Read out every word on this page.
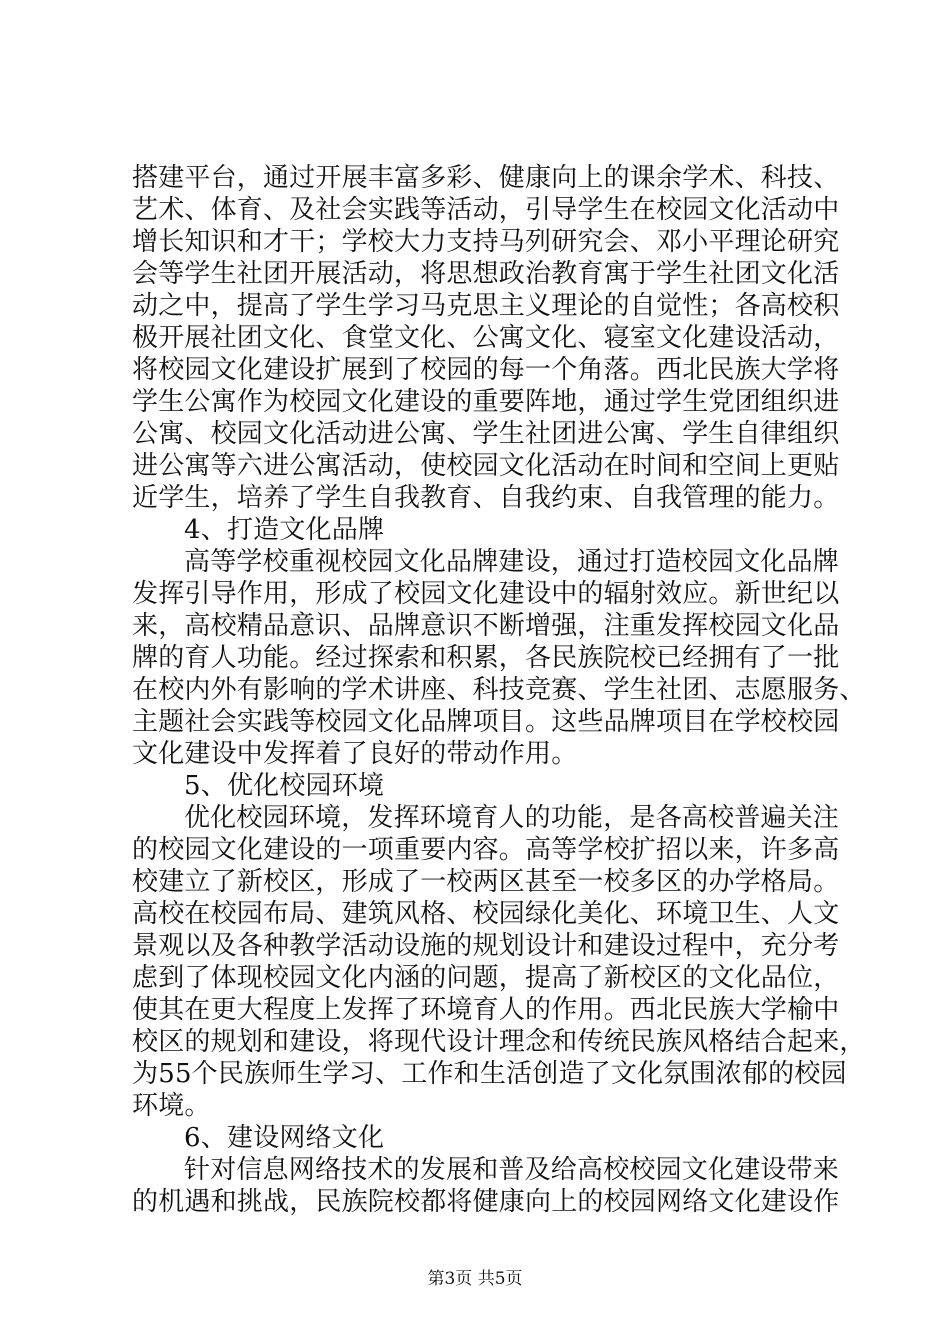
搭建平台，通过开展丰富多彩、健康向上的课余学术、科技、
艺术、体育、及社会实践等活动，引导学生在校园文化活动中
增长知识和才干；学校大力支持马列研究会、邓小平理论研究
会等学生社团开展活动，将思想政治教育寓于学生社团文化活
动之中，提高了学生学习马克思主义理论的自觉性；各高校积
极开展社团文化、食堂文化、公寓文化、寝室文化建设活动，
将校园文化建设扩展到了校园的每一个角落。西北民族大学将
学生公寓作为校园文化建设的重要阵地，通过学生党团组织进
公寓、校园文化活动进公寓、学生社团进公寓、学生自律组织
进公寓等六进公寓活动，使校园文化活动在时间和空间上更贴
近学生，培养了学生自我教育、自我约束、自我管理的能力。
4、打造文化品牌
高等学校重视校园文化品牌建设，通过打造校园文化品牌
发挥引导作用，形成了校园文化建设中的辐射效应。新世纪以
来，高校精品意识、品牌意识不断增强，注重发挥校园文化品
牌的育人功能。经过探索和积累，各民族院校已经拥有了一批
在校内外有影响的学术讲座、科技竞赛、学生社团、志愿服务、
主题社会实践等校园文化品牌项目。这些品牌项目在学校校园
文化建设中发挥着了良好的带动作用。
5、优化校园环境
优化校园环境，发挥环境育人的功能，是各高校普遍关注
的校园文化建设的一项重要内容。高等学校扩招以来，许多高
校建立了新校区，形成了一校两区甚至一校多区的办学格局。
高校在校园布局、建筑风格、校园绿化美化、环境卫生、人文
景观以及各种教学活动设施的规划设计和建设过程中，充分考
虑到了体现校园文化内涵的问题，提高了新校区的文化品位，
使其在更大程度上发挥了环境育人的作用。西北民族大学榆中
校区的规划和建设，将现代设计理念和传统民族风格结合起来，
为55个民族师生学习、工作和生活创造了文化氛围浓郁的校园
环境。
6、建设网络文化
针对信息网络技术的发展和普及给高校校园文化建设带来
的机遇和挑战，民族院校都将健康向上的校园网络文化建设作
第3页 共5页
